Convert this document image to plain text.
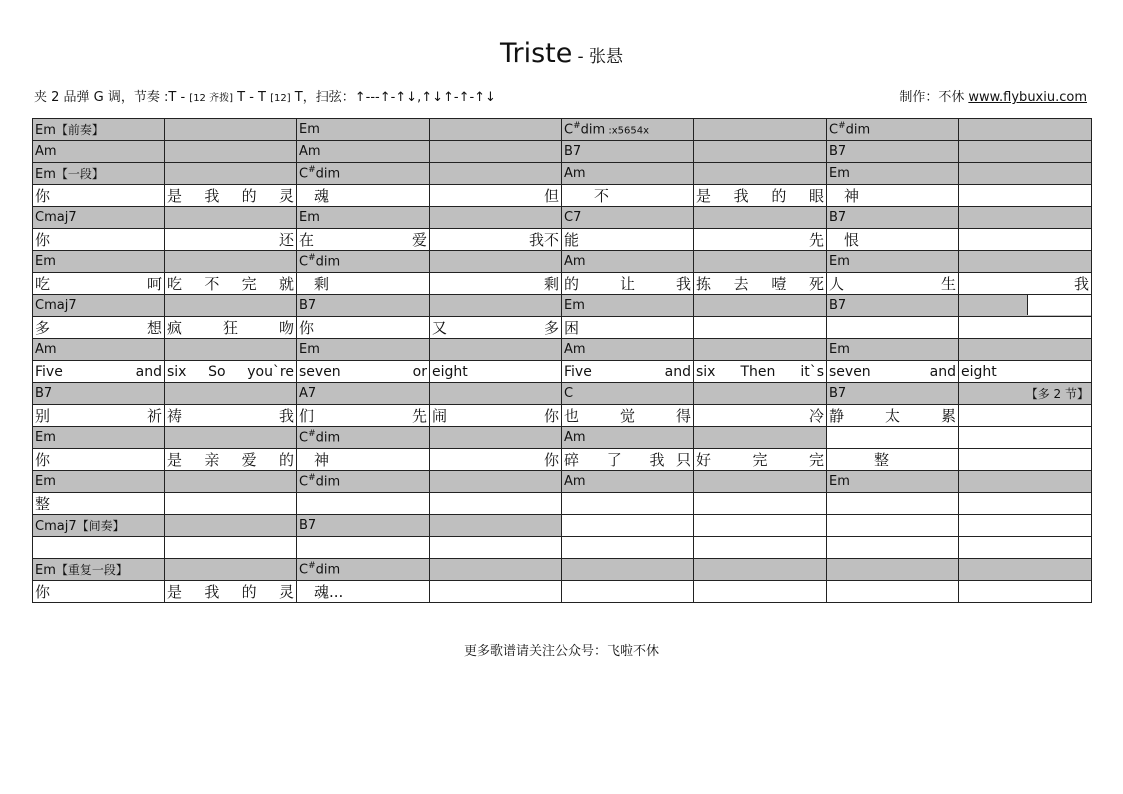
Triste - 张悬
夹 2 品弹 G 调，节奏 :T - [12 齐拨] T - T [12] T，扫弦：↑---↑-↑↓,↑↓↑-↑-↑↓	制作：不休 www.flybuxiu.com
Em【前奏】		Em		C#dim :x5654x		C#dim	
Am		Am		B7		B7	
Em【一段】		C#dim		Am		Em	
你	是 我 的 灵	　魂	但	　　不	是 我 的 眼	　神	
Cmaj7		Em		C7		B7	
你	还	在 爱	我不	能	先	　恨	
Em		C#dim		Am		Em	
吃 呵	吃 不 完 就	　剩	剩	的 让 我	拣 去 噎 死	人 生	我
Cmaj7		B7		Em		B7	

多 想	疯 狂 吻	你	又 多	困			
Am		Em		Am		Em	
Five and	six So you`re	seven or	eight	Five and	six Then it`s	seven and	eight
B7		A7		C		B7	【多 2 节】
别 祈	祷 我	们 先	闹 你	也 觉 得	冷	静 太 累	
Em		C#dim		Am			
你	是 亲 爱 的	　神	你	碎 了 我只	好 完 完	　　　整	
Em		C#dim		Am		Em	
整							
Cmaj7【间奏】		B7					

Em【重复一段】		C#dim					
你	是 我 的 灵	　魂...					
更多歌谱请关注公众号：飞啦不休
